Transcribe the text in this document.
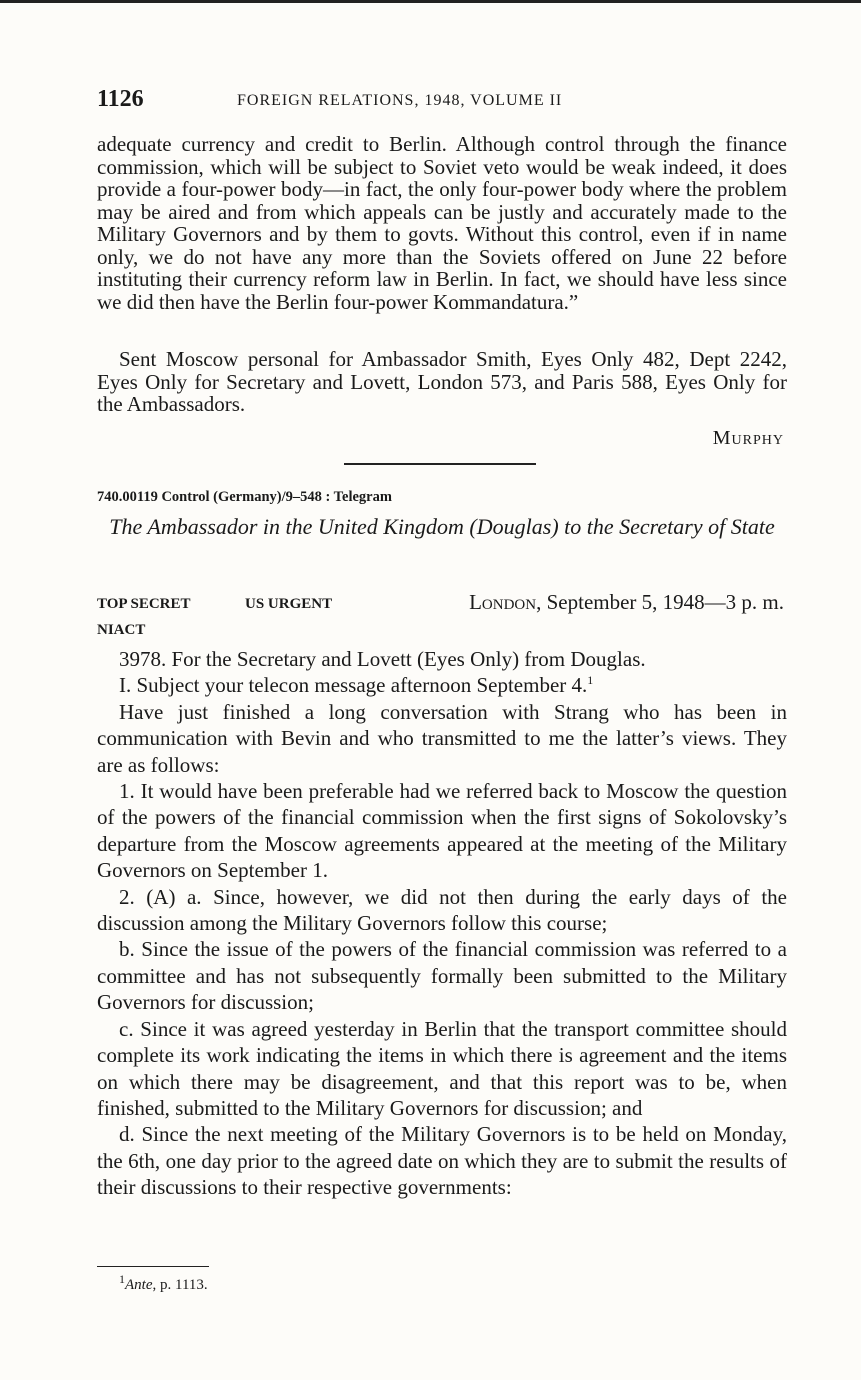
1126	FOREIGN RELATIONS, 1948, VOLUME II

adequate currency and credit to Berlin. Although control through the finance commission, which will be subject to Soviet veto would be weak indeed, it does provide a four-power body—in fact, the only four-power body where the problem may be aired and from which appeals can be justly and accurately made to the Military Governors and by them to govts. Without this control, even if in name only, we do not have any more than the Soviets offered on June 22 before instituting their currency reform law in Berlin. In fact, we should have less since we did then have the Berlin four-power Kommandatura.”

Sent Moscow personal for Ambassador Smith, Eyes Only 482, Dept 2242, Eyes Only for Secretary and Lovett, London 573, and Paris 588, Eyes Only for the Ambassadors.

Murphy
740.00119 Control (Germany)/9–548 : Telegram
The Ambassador in the United Kingdom (Douglas) to the Secretary of State
TOP SECRET	US URGENT
NIACT
London, September 5, 1948—3 p. m.

3978. For the Secretary and Lovett (Eyes Only) from Douglas.

I. Subject your telecon message afternoon September 4.$^1$

Have just finished a long conversation with Strang who has been in communication with Bevin and who transmitted to me the latter’s views. They are as follows:

1. It would have been preferable had we referred back to Moscow the question of the powers of the financial commission when the first signs of Sokolovsky’s departure from the Moscow agreements appeared at the meeting of the Military Governors on September 1.

2. (A) a. Since, however, we did not then during the early days of the discussion among the Military Governors follow this course;

b. Since the issue of the powers of the financial commission was referred to a committee and has not subsequently formally been submitted to the Military Governors for discussion;

c. Since it was agreed yesterday in Berlin that the transport committee should complete its work indicating the items in which there is agreement and the items on which there may be disagreement, and that this report was to be, when finished, submitted to the Military Governors for discussion; and

d. Since the next meeting of the Military Governors is to be held on Monday, the 6th, one day prior to the agreed date on which they are to submit the results of their discussions to their respective governments:

$^1$Ante, p. 1113.
